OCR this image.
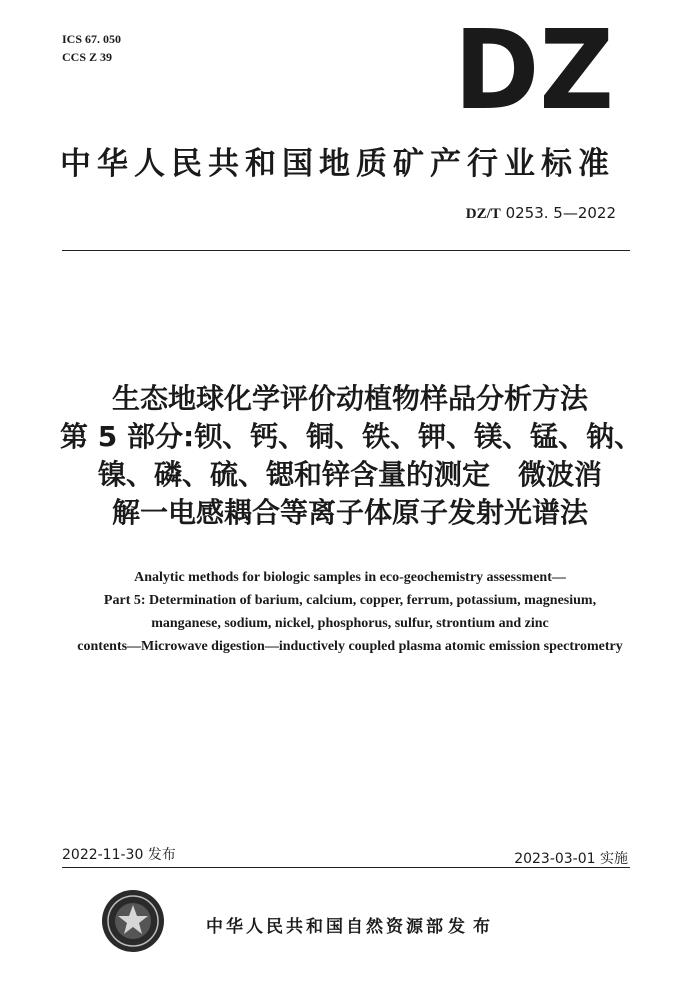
ICS 67. 050
CCS Z 39	DZ
中华人民共和国地质矿产行业标准
DZ/T 0253. 5—2022
生态地球化学评价动植物样品分析方法
第 5 部分:钡、钙、铜、铁、钾、镁、锰、钠、
镍、磷、硫、锶和锌含量的测定　微波消
解一电感耦合等离子体原子发射光谱法
Analytic methods for biologic samples in eco-geochemistry assessment—
Part 5: Determination of barium, calcium, copper, ferrum, potassium, magnesium,
manganese, sodium, nickel, phosphorus, sulfur, strontium and zinc
contents—Microwave digestion—inductively coupled plasma atomic emission spectrometry
2022-11-30 发布	2023-03-01 实施
中华人民共和国自然资源部 发布
